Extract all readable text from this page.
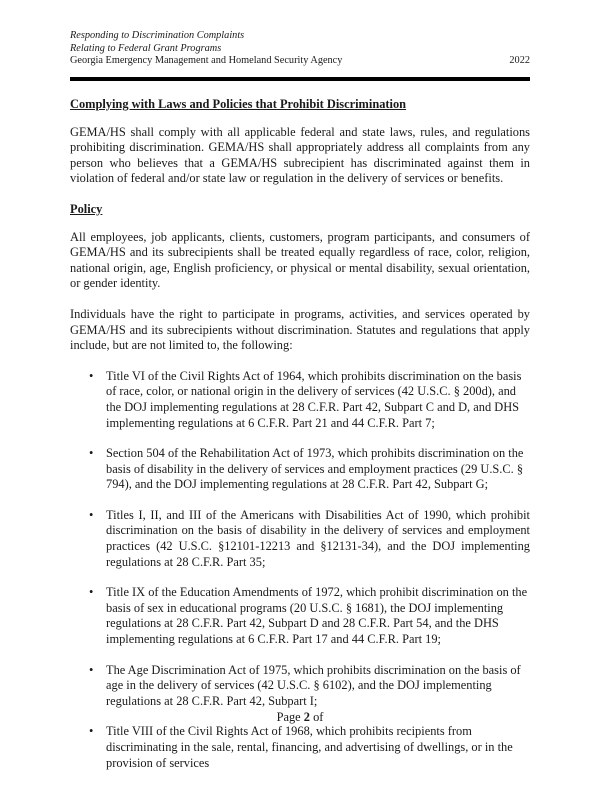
Responding to Discrimination Complaints
Relating to Federal Grant Programs
Georgia Emergency Management and Homeland Security Agency	2022
Complying with Laws and Policies that Prohibit Discrimination

GEMA/HS shall comply with all applicable federal and state laws, rules, and regulations prohibiting discrimination. GEMA/HS shall appropriately address all complaints from any person who believes that a GEMA/HS subrecipient has discriminated against them in violation of federal and/or state law or regulation in the delivery of services or benefits.

Policy

All employees, job applicants, clients, customers, program participants, and consumers of GEMA/HS and its subrecipients shall be treated equally regardless of race, color, religion, national origin, age, English proficiency, or physical or mental disability, sexual orientation, or gender identity.

Individuals have the right to participate in programs, activities, and services operated by GEMA/HS and its subrecipients without discrimination. Statutes and regulations that apply include, but are not limited to, the following:

• Title VI of the Civil Rights Act of 1964, which prohibits discrimination on the basis of race, color, or national origin in the delivery of services (42 U.S.C. § 200d), and the DOJ implementing regulations at 28 C.F.R. Part 42, Subpart C and D, and DHS implementing regulations at 6 C.F.R. Part 21 and 44 C.F.R. Part 7;
• Section 504 of the Rehabilitation Act of 1973, which prohibits discrimination on the basis of disability in the delivery of services and employment practices (29 U.S.C. § 794), and the DOJ implementing regulations at 28 C.F.R. Part 42, Subpart G;
• Titles I, II, and III of the Americans with Disabilities Act of 1990, which prohibit discrimination on the basis of disability in the delivery of services and employment practices (42 U.S.C. §12101-12213 and §12131-34), and the DOJ implementing regulations at 28 C.F.R. Part 35;
• Title IX of the Education Amendments of 1972, which prohibit discrimination on the basis of sex in educational programs (20 U.S.C. § 1681), the DOJ implementing regulations at 28 C.F.R. Part 42, Subpart D and 28 C.F.R. Part 54, and the DHS implementing regulations at 6 C.F.R. Part 17 and 44 C.F.R. Part 19;
• The Age Discrimination Act of 1975, which prohibits discrimination on the basis of age in the delivery of services (42 U.S.C. § 6102), and the DOJ implementing regulations at 28 C.F.R. Part 42, Subpart I;
• Title VIII of the Civil Rights Act of 1968, which prohibits recipients from discriminating in the sale, rental, financing, and advertising of dwellings, or in the provision of services
Page 2 of
